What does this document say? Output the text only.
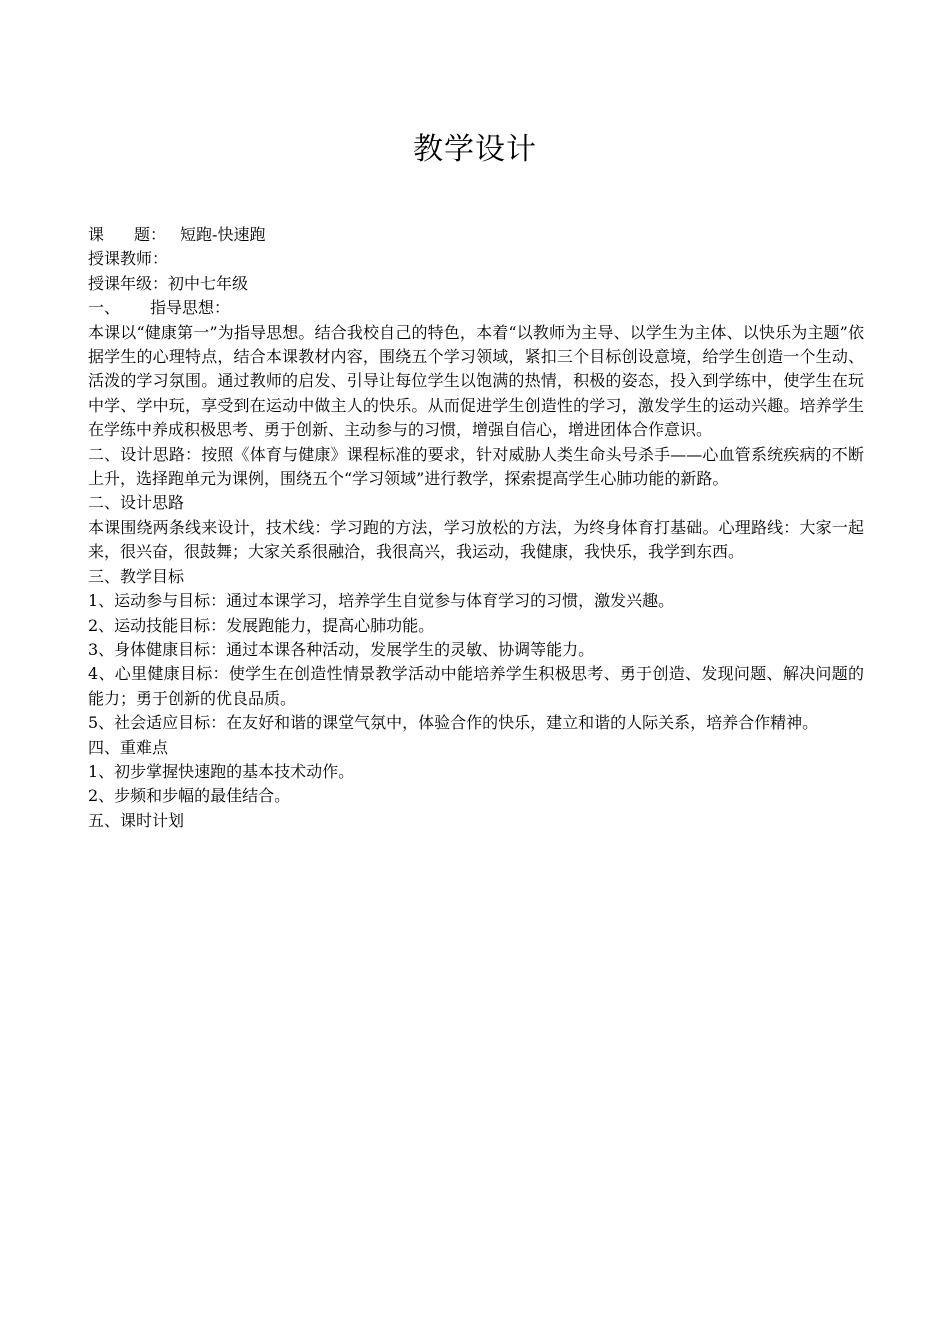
教学设计

课 题： 短跑-快速跑

授课教师：

授课年级：初中七年级

一、 指导思想：

本课以“健康第一”为指导思想。结合我校自己的特色，本着“以教师为主导、以学生为主体、以快乐为主题”依据学生的心理特点，结合本课教材内容，围绕五个学习领域，紧扣三个目标创设意境，给学生创造一个生动、活泼的学习氛围。通过教师的启发、引导让每位学生以饱满的热情，积极的姿态，投入到学练中，使学生在玩中学、学中玩，享受到在运动中做主人的快乐。从而促进学生创造性的学习，激发学生的运动兴趣。培养学生在学练中养成积极思考、勇于创新、主动参与的习惯，增强自信心，增进团体合作意识。

二、设计思路：按照《体育与健康》课程标准的要求，针对威胁人类生命头号杀手——心血管系统疾病的不断上升，选择跑单元为课例，围绕五个“学习领域”进行教学，探索提高学生心肺功能的新路。

二、设计思路

本课围绕两条线来设计，技术线：学习跑的方法，学习放松的方法，为终身体育打基础。心理路线：大家一起来，很兴奋，很鼓舞；大家关系很融洽，我很高兴，我运动，我健康，我快乐，我学到东西。

三、教学目标

1、运动参与目标：通过本课学习，培养学生自觉参与体育学习的习惯，激发兴趣。

2、运动技能目标：发展跑能力，提高心肺功能。

3、身体健康目标：通过本课各种活动，发展学生的灵敏、协调等能力。

4、心里健康目标：使学生在创造性情景教学活动中能培养学生积极思考、勇于创造、发现问题、解决问题的能力；勇于创新的优良品质。

5、社会适应目标：在友好和谐的课堂气氛中，体验合作的快乐，建立和谐的人际关系，培养合作精神。

四、重难点

1、初步掌握快速跑的基本技术动作。

2、步频和步幅的最佳结合。

五、课时计划
